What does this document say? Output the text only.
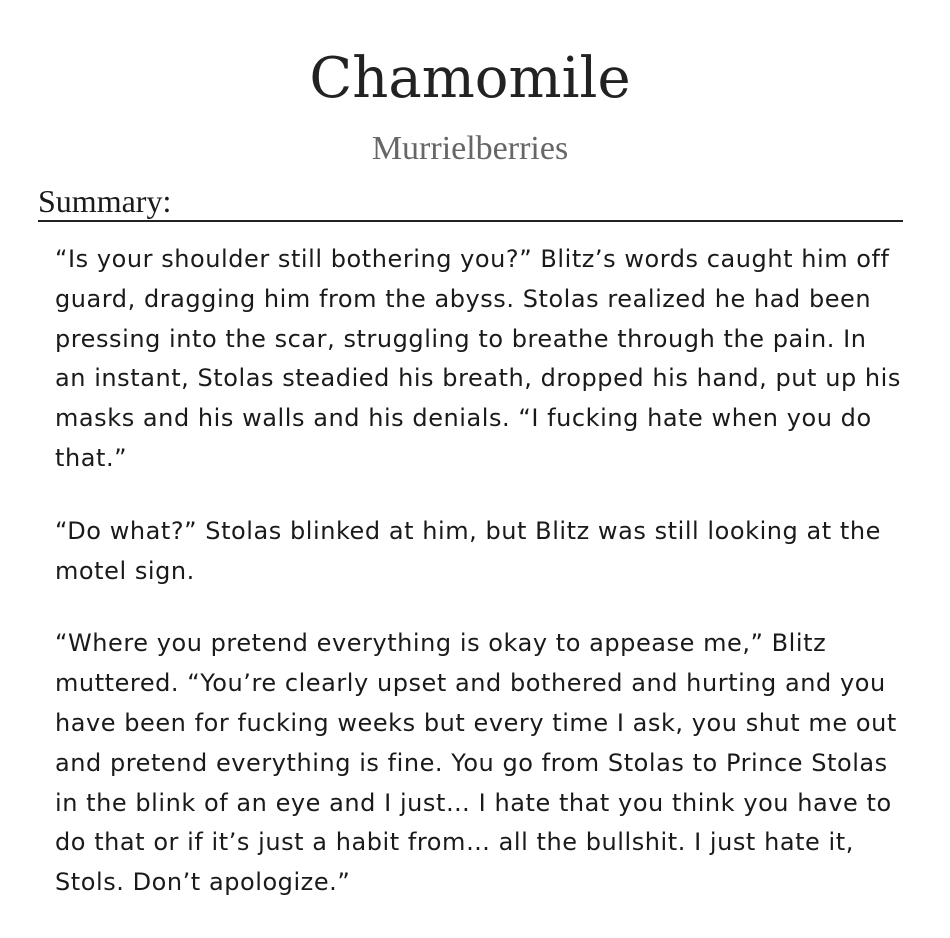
Chamomile
Murrielberries
Summary:

“Is your shoulder still bothering you?” Blitz’s words caught him off guard, dragging him from the abyss. Stolas realized he had been pressing into the scar, struggling to breathe through the pain. In an instant, Stolas steadied his breath, dropped his hand, put up his masks and his walls and his denials. “I fucking hate when you do that.”

“Do what?” Stolas blinked at him, but Blitz was still looking at the motel sign.

“Where you pretend everything is okay to appease me,” Blitz muttered. “You’re clearly upset and bothered and hurting and you have been for fucking weeks but every time I ask, you shut me out and pretend everything is fine. You go from Stolas to Prince Stolas in the blink of an eye and I just… I hate that you think you have to do that or if it’s just a habit from… all the bullshit. I just hate it, Stols. Don’t apologize.”
